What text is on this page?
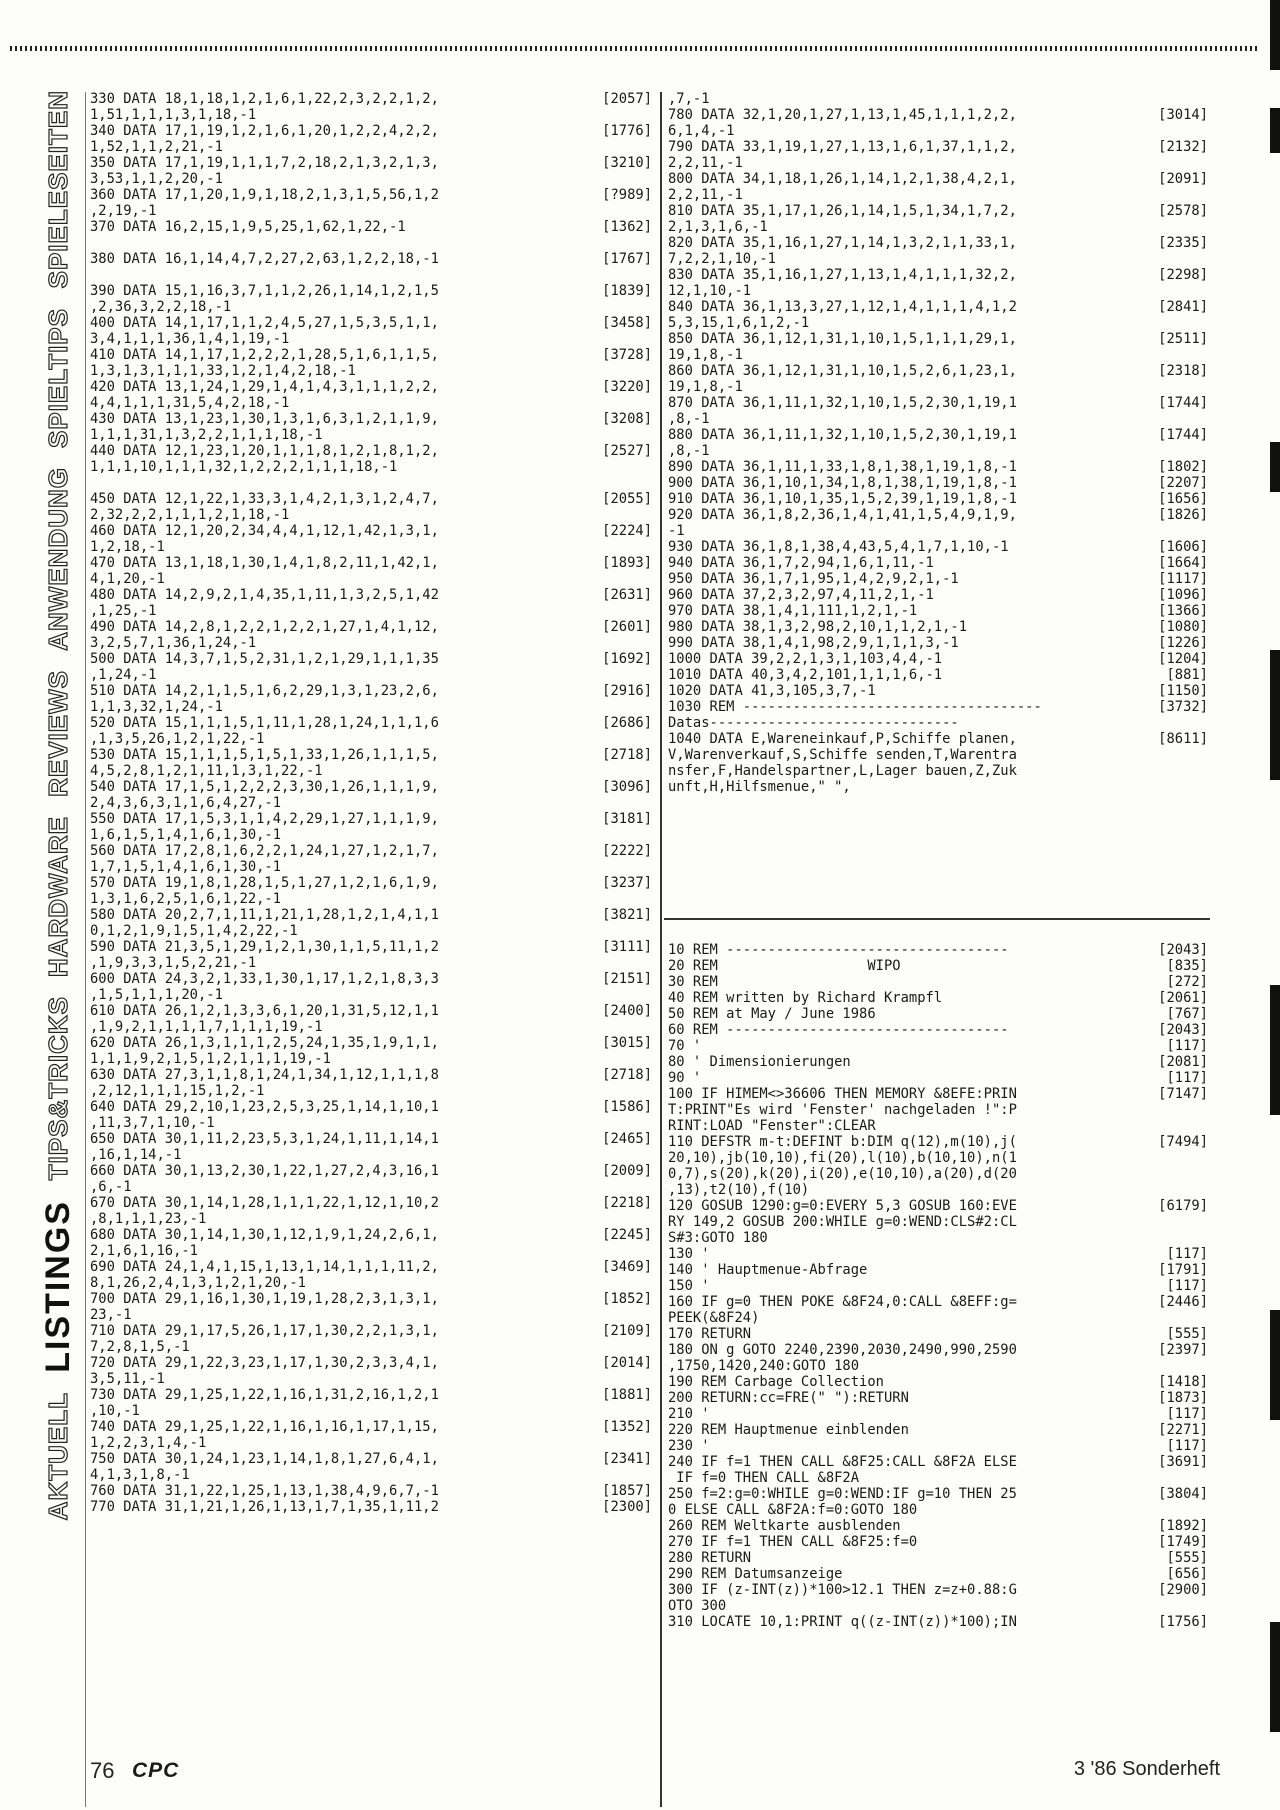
SPIELESEITEN
SPIELTIPS
ANWENDUNG
REVIEWS
HARDWARE
TIPS&TRICKS
LISTINGS
AKTUELL
330 DATA 18,1,18,1,2,1,6,1,22,2,3,2,2,1,2,	[2057]
1,51,1,1,1,3,1,18,-1
340 DATA 17,1,19,1,2,1,6,1,20,1,2,2,4,2,2,	[1776]
1,52,1,1,2,21,-1
350 DATA 17,1,19,1,1,1,7,2,18,2,1,3,2,1,3,	[3210]
3,53,1,1,2,20,-1
360 DATA 17,1,20,1,9,1,18,2,1,3,1,5,56,1,2	[?989]
,2,19,-1
370 DATA 16,2,15,1,9,5,25,1,62,1,22,-1	[1362]
380 DATA 16,1,14,4,7,2,27,2,63,1,2,2,18,-1	[1767]
390 DATA 15,1,16,3,7,1,1,2,26,1,14,1,2,1,5	[1839]
,2,36,3,2,2,18,-1
400 DATA 14,1,17,1,1,2,4,5,27,1,5,3,5,1,1,	[3458]
3,4,1,1,1,36,1,4,1,19,-1
410 DATA 14,1,17,1,2,2,2,1,28,5,1,6,1,1,5,	[3728]
1,3,1,3,1,1,1,33,1,2,1,4,2,18,-1
420 DATA 13,1,24,1,29,1,4,1,4,3,1,1,1,2,2,	[3220]
4,4,1,1,1,31,5,4,2,18,-1
430 DATA 13,1,23,1,30,1,3,1,6,3,1,2,1,1,9,	[3208]
1,1,1,31,1,3,2,2,1,1,1,18,-1
440 DATA 12,1,23,1,20,1,1,1,8,1,2,1,8,1,2,	[2527]
1,1,1,10,1,1,1,32,1,2,2,2,1,1,1,18,-1
450 DATA 12,1,22,1,33,3,1,4,2,1,3,1,2,4,7,	[2055]
2,32,2,2,1,1,1,2,1,18,-1
460 DATA 12,1,20,2,34,4,4,1,12,1,42,1,3,1,	[2224]
1,2,18,-1
470 DATA 13,1,18,1,30,1,4,1,8,2,11,1,42,1,	[1893]
4,1,20,-1
480 DATA 14,2,9,2,1,4,35,1,11,1,3,2,5,1,42	[2631]
,1,25,-1
490 DATA 14,2,8,1,2,2,1,2,2,1,27,1,4,1,12,	[2601]
3,2,5,7,1,36,1,24,-1
500 DATA 14,3,7,1,5,2,31,1,2,1,29,1,1,1,35	[1692]
,1,24,-1
510 DATA 14,2,1,1,5,1,6,2,29,1,3,1,23,2,6,	[2916]
1,1,3,32,1,24,-1
520 DATA 15,1,1,1,5,1,11,1,28,1,24,1,1,1,6	[2686]
,1,3,5,26,1,2,1,22,-1
530 DATA 15,1,1,1,5,1,5,1,33,1,26,1,1,1,5,	[2718]
4,5,2,8,1,2,1,11,1,3,1,22,-1
540 DATA 17,1,5,1,2,2,2,3,30,1,26,1,1,1,9,	[3096]
2,4,3,6,3,1,1,6,4,27,-1
550 DATA 17,1,5,3,1,1,4,2,29,1,27,1,1,1,9,	[3181]
1,6,1,5,1,4,1,6,1,30,-1
560 DATA 17,2,8,1,6,2,2,1,24,1,27,1,2,1,7,	[2222]
1,7,1,5,1,4,1,6,1,30,-1
570 DATA 19,1,8,1,28,1,5,1,27,1,2,1,6,1,9,	[3237]
1,3,1,6,2,5,1,6,1,22,-1
580 DATA 20,2,7,1,11,1,21,1,28,1,2,1,4,1,1	[3821]
0,1,2,1,9,1,5,1,4,2,22,-1
590 DATA 21,3,5,1,29,1,2,1,30,1,1,5,11,1,2	[3111]
,1,9,3,3,1,5,2,21,-1
600 DATA 24,3,2,1,33,1,30,1,17,1,2,1,8,3,3	[2151]
,1,5,1,1,1,20,-1
610 DATA 26,1,2,1,3,3,6,1,20,1,31,5,12,1,1	[2400]
,1,9,2,1,1,1,1,7,1,1,1,19,-1
620 DATA 26,1,3,1,1,1,2,5,24,1,35,1,9,1,1,	[3015]
1,1,1,9,2,1,5,1,2,1,1,1,19,-1
630 DATA 27,3,1,1,8,1,24,1,34,1,12,1,1,1,8	[2718]
,2,12,1,1,1,15,1,2,-1
640 DATA 29,2,10,1,23,2,5,3,25,1,14,1,10,1	[1586]
,11,3,7,1,10,-1
650 DATA 30,1,11,2,23,5,3,1,24,1,11,1,14,1	[2465]
,16,1,14,-1
660 DATA 30,1,13,2,30,1,22,1,27,2,4,3,16,1	[2009]
,6,-1
670 DATA 30,1,14,1,28,1,1,1,22,1,12,1,10,2	[2218]
,8,1,1,1,23,-1
680 DATA 30,1,14,1,30,1,12,1,9,1,24,2,6,1,	[2245]
2,1,6,1,16,-1
690 DATA 24,1,4,1,15,1,13,1,14,1,1,1,11,2,	[3469]
8,1,26,2,4,1,3,1,2,1,20,-1
700 DATA 29,1,16,1,30,1,19,1,28,2,3,1,3,1,	[1852]
23,-1
710 DATA 29,1,17,5,26,1,17,1,30,2,2,1,3,1,	[2109]
7,2,8,1,5,-1
720 DATA 29,1,22,3,23,1,17,1,30,2,3,3,4,1,	[2014]
3,5,11,-1
730 DATA 29,1,25,1,22,1,16,1,31,2,16,1,2,1	[1881]
,10,-1
740 DATA 29,1,25,1,22,1,16,1,16,1,17,1,15,	[1352]
1,2,2,3,1,4,-1
750 DATA 30,1,24,1,23,1,14,1,8,1,27,6,4,1,	[2341]
4,1,3,1,8,-1
760 DATA 31,1,22,1,25,1,13,1,38,4,9,6,7,-1	[1857]
770 DATA 31,1,21,1,26,1,13,1,7,1,35,1,11,2	[2300]
,7,-1
780 DATA 32,1,20,1,27,1,13,1,45,1,1,1,2,2,	[3014]
6,1,4,-1
790 DATA 33,1,19,1,27,1,13,1,6,1,37,1,1,2,	[2132]
2,2,11,-1
800 DATA 34,1,18,1,26,1,14,1,2,1,38,4,2,1,	[2091]
2,2,11,-1
810 DATA 35,1,17,1,26,1,14,1,5,1,34,1,7,2,	[2578]
2,1,3,1,6,-1
820 DATA 35,1,16,1,27,1,14,1,3,2,1,1,33,1,	[2335]
7,2,2,1,10,-1
830 DATA 35,1,16,1,27,1,13,1,4,1,1,1,32,2,	[2298]
12,1,10,-1
840 DATA 36,1,13,3,27,1,12,1,4,1,1,1,4,1,2	[2841]
5,3,15,1,6,1,2,-1
850 DATA 36,1,12,1,31,1,10,1,5,1,1,1,29,1,	[2511]
19,1,8,-1
860 DATA 36,1,12,1,31,1,10,1,5,2,6,1,23,1,	[2318]
19,1,8,-1
870 DATA 36,1,11,1,32,1,10,1,5,2,30,1,19,1	[1744]
,8,-1
880 DATA 36,1,11,1,32,1,10,1,5,2,30,1,19,1	[1744]
,8,-1
890 DATA 36,1,11,1,33,1,8,1,38,1,19,1,8,-1	[1802]
900 DATA 36,1,10,1,34,1,8,1,38,1,19,1,8,-1	[2207]
910 DATA 36,1,10,1,35,1,5,2,39,1,19,1,8,-1	[1656]
920 DATA 36,1,8,2,36,1,4,1,41,1,5,4,9,1,9,	[1826]
-1
930 DATA 36,1,8,1,38,4,43,5,4,1,7,1,10,-1	[1606]
940 DATA 36,1,7,2,94,1,6,1,11,-1	[1664]
950 DATA 36,1,7,1,95,1,4,2,9,2,1,-1	[1117]
960 DATA 37,2,3,2,97,4,11,2,1,-1	[1096]
970 DATA 38,1,4,1,111,1,2,1,-1	[1366]
980 DATA 38,1,3,2,98,2,10,1,1,2,1,-1	[1080]
990 DATA 38,1,4,1,98,2,9,1,1,1,3,-1	[1226]
1000 DATA 39,2,2,1,3,1,103,4,4,-1	[1204]
1010 DATA 40,3,4,2,101,1,1,1,6,-1	[881]
1020 DATA 41,3,105,3,7,-1	[1150]
1030 REM ------------------------------------	[3732]
Datas------------------------------
1040 DATA E,Wareneinkauf,P,Schiffe planen,	[8611]
V,Warenverkauf,S,Schiffe senden,T,Warentra
nsfer,F,Handelspartner,L,Lager bauen,Z,Zuk
unft,H,Hilfsmenue," ",
10 REM ----------------------------------	[2043]
20 REM                  WIPO	[835]
30 REM	[272]
40 REM written by Richard Krampfl	[2061]
50 REM at May / June 1986	[767]
60 REM ----------------------------------	[2043]
70 '	[117]
80 ' Dimensionierungen	[2081]
90 '	[117]
100 IF HIMEM<>36606 THEN MEMORY &8EFE:PRIN	[7147]
T:PRINT"Es wird 'Fenster' nachgeladen !":P
RINT:LOAD "Fenster":CLEAR
110 DEFSTR m-t:DEFINT b:DIM q(12),m(10),j(	[7494]
20,10),jb(10,10),fi(20),l(10),b(10,10),n(1
0,7),s(20),k(20),i(20),e(10,10),a(20),d(20
,13),t2(10),f(10)
120 GOSUB 1290:g=0:EVERY 5,3 GOSUB 160:EVE	[6179]
RY 149,2 GOSUB 200:WHILE g=0:WEND:CLS#2:CL
S#3:GOTO 180
130 '	[117]
140 ' Hauptmenue-Abfrage	[1791]
150 '	[117]
160 IF g=0 THEN POKE &8F24,0:CALL &8EFF:g=	[2446]
PEEK(&8F24)
170 RETURN	[555]
180 ON g GOTO 2240,2390,2030,2490,990,2590	[2397]
,1750,1420,240:GOTO 180
190 REM Carbage Collection	[1418]
200 RETURN:cc=FRE(" "):RETURN	[1873]
210 '	[117]
220 REM Hauptmenue einblenden	[2271]
230 '	[117]
240 IF f=1 THEN CALL &8F25:CALL &8F2A ELSE	[3691]
IF f=0 THEN CALL &8F2A
250 f=2:g=0:WHILE g=0:WEND:IF g=10 THEN 25	[3804]
0 ELSE CALL &8F2A:f=0:GOTO 180
260 REM Weltkarte ausblenden	[1892]
270 IF f=1 THEN CALL &8F25:f=0	[1749]
280 RETURN	[555]
290 REM Datumsanzeige	[656]
300 IF (z-INT(z))*100>12.1 THEN z=z+0.88:G	[2900]
OTO 300
310 LOCATE 10,1:PRINT q((z-INT(z))*100);IN	[1756]
76 CPC	3 '86 Sonderheft
